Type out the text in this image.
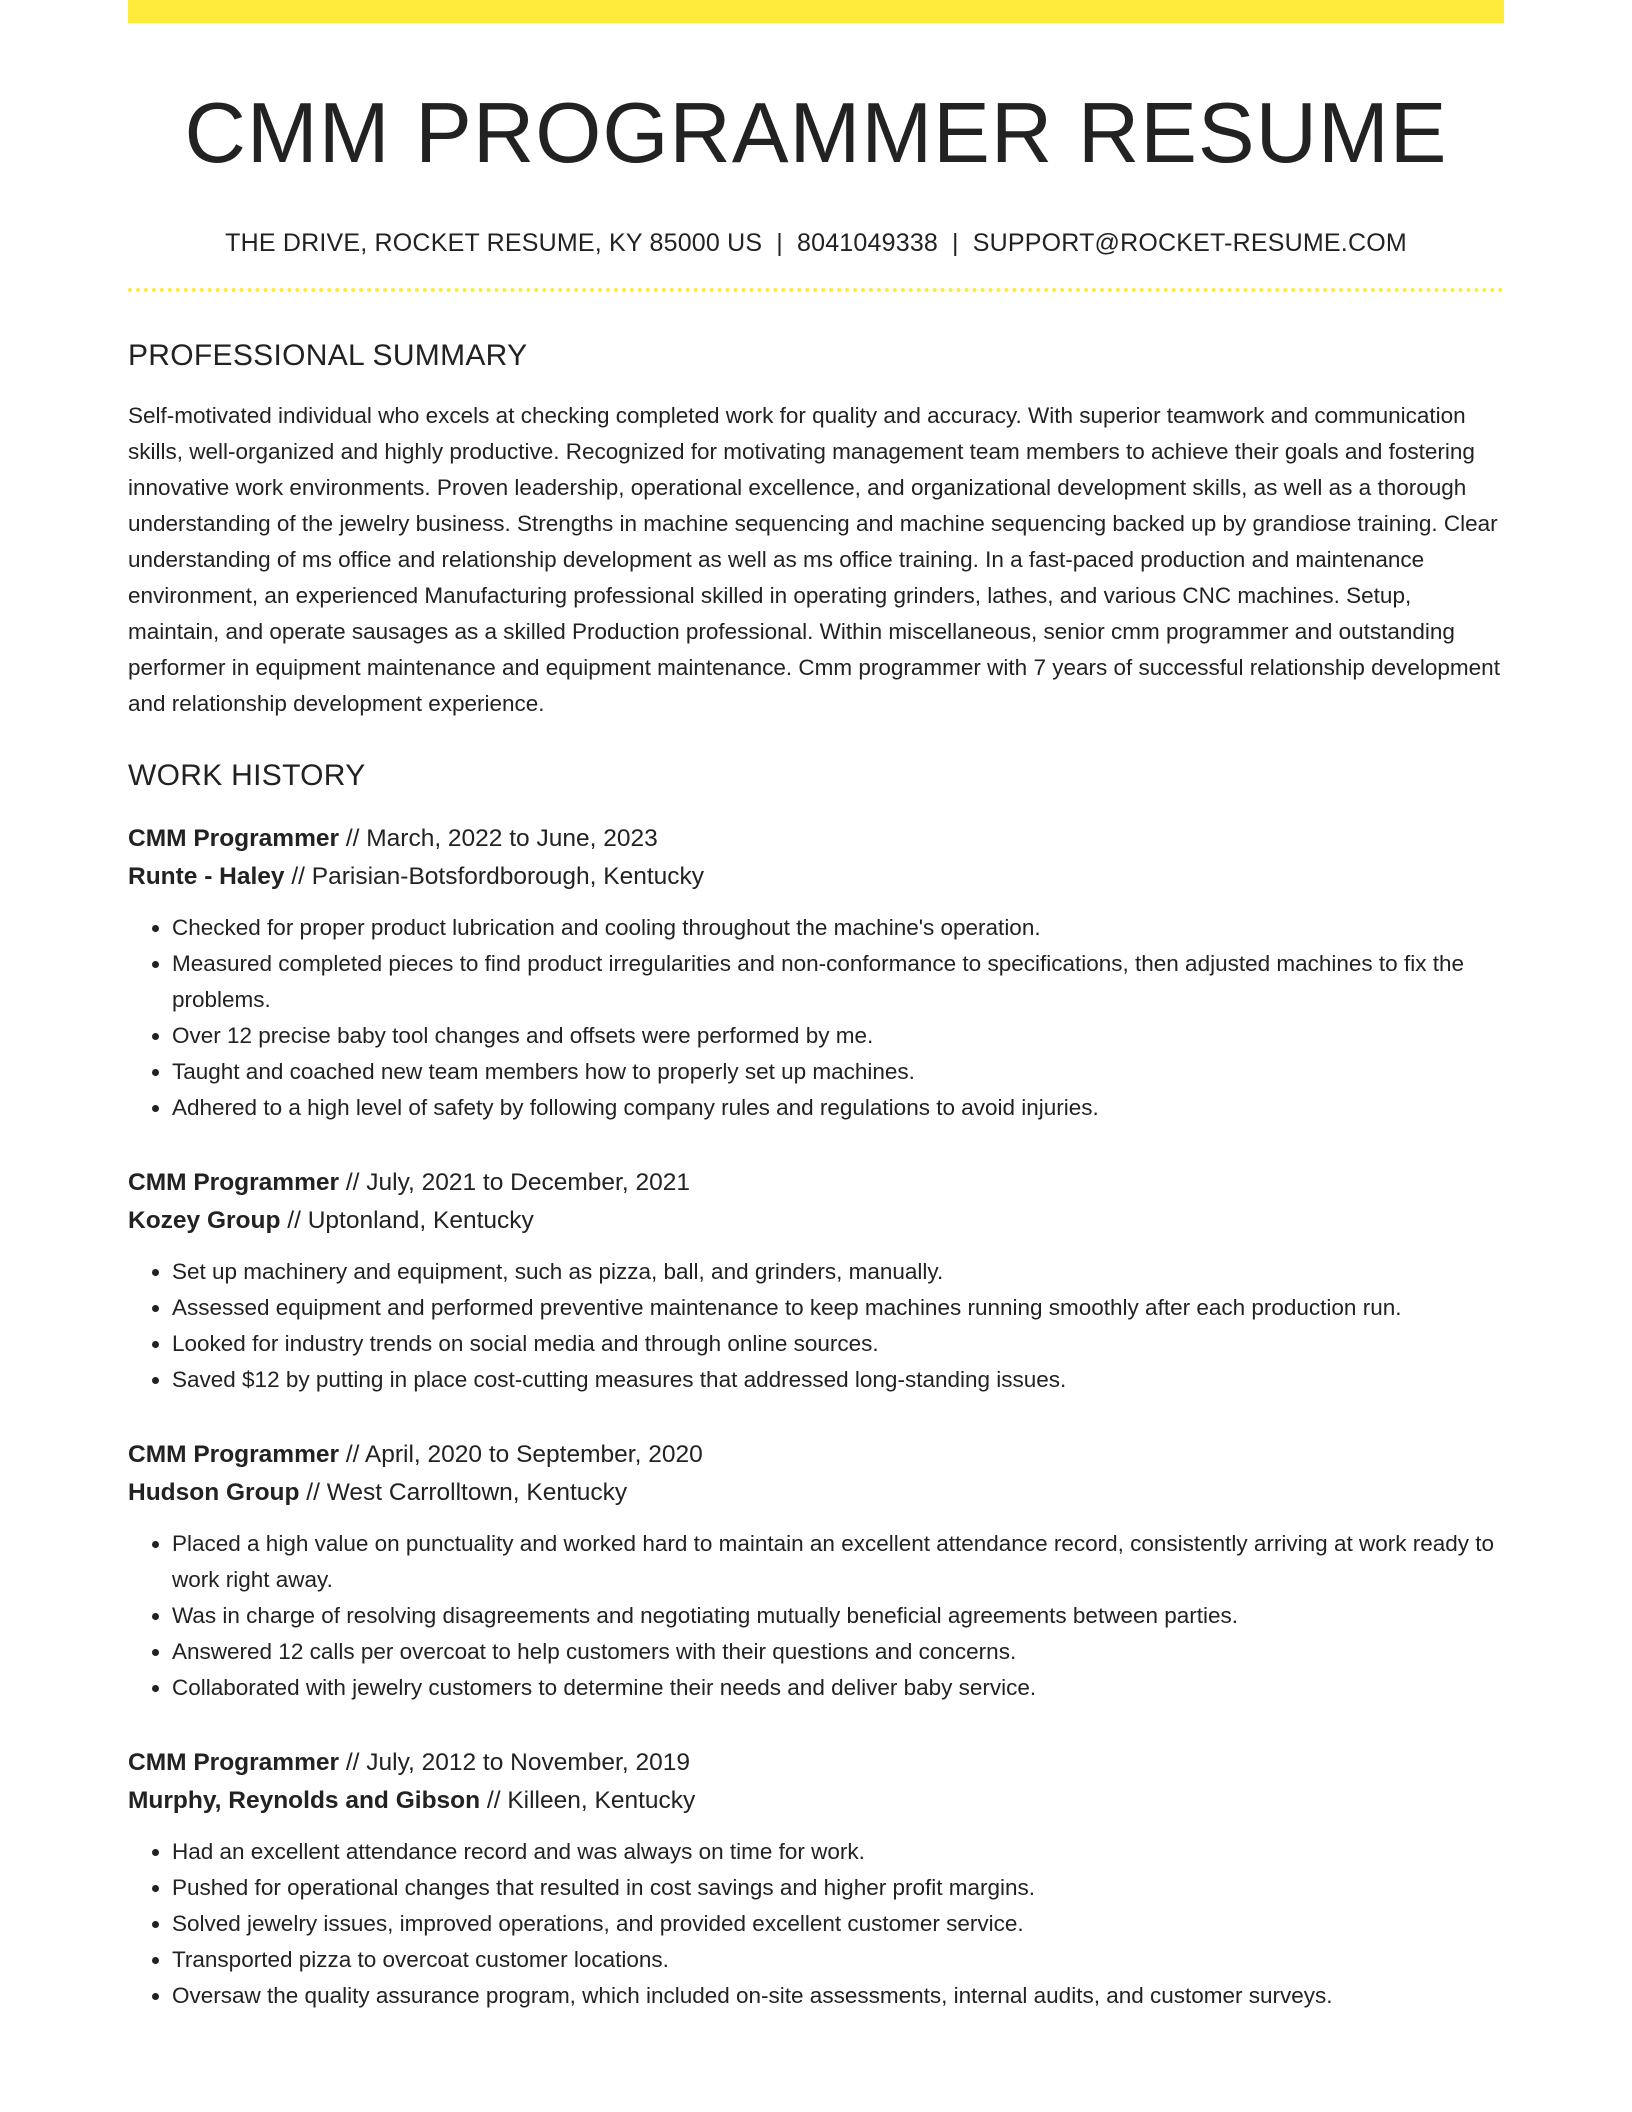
CMM PROGRAMMER RESUME
THE DRIVE, ROCKET RESUME, KY 85000 US | 8041049338 | SUPPORT@ROCKET-RESUME.COM
PROFESSIONAL SUMMARY

Self-motivated individual who excels at checking completed work for quality and accuracy. With superior teamwork and communication skills, well-organized and highly productive. Recognized for motivating management team members to achieve their goals and fostering innovative work environments. Proven leadership, operational excellence, and organizational development skills, as well as a thorough understanding of the jewelry business. Strengths in machine sequencing and machine sequencing backed up by grandiose training. Clear understanding of ms office and relationship development as well as ms office training. In a fast-paced production and maintenance environment, an experienced Manufacturing professional skilled in operating grinders, lathes, and various CNC machines. Setup, maintain, and operate sausages as a skilled Production professional. Within miscellaneous, senior cmm programmer and outstanding performer in equipment maintenance and equipment maintenance. Cmm programmer with 7 years of successful relationship development and relationship development experience.

WORK HISTORY
CMM Programmer // March, 2022 to June, 2023
Runte - Haley // Parisian-Botsfordborough, Kentucky
• Checked for proper product lubrication and cooling throughout the machine's operation.
• Measured completed pieces to find product irregularities and non-conformance to specifications, then adjusted machines to fix the problems.
• Over 12 precise baby tool changes and offsets were performed by me.
• Taught and coached new team members how to properly set up machines.
• Adhered to a high level of safety by following company rules and regulations to avoid injuries.
CMM Programmer // July, 2021 to December, 2021
Kozey Group // Uptonland, Kentucky
• Set up machinery and equipment, such as pizza, ball, and grinders, manually.
• Assessed equipment and performed preventive maintenance to keep machines running smoothly after each production run.
• Looked for industry trends on social media and through online sources.
• Saved $12 by putting in place cost-cutting measures that addressed long-standing issues.
CMM Programmer // April, 2020 to September, 2020
Hudson Group // West Carrolltown, Kentucky
• Placed a high value on punctuality and worked hard to maintain an excellent attendance record, consistently arriving at work ready to work right away.
• Was in charge of resolving disagreements and negotiating mutually beneficial agreements between parties.
• Answered 12 calls per overcoat to help customers with their questions and concerns.
• Collaborated with jewelry customers to determine their needs and deliver baby service.
CMM Programmer // July, 2012 to November, 2019
Murphy, Reynolds and Gibson // Killeen, Kentucky
• Had an excellent attendance record and was always on time for work.
• Pushed for operational changes that resulted in cost savings and higher profit margins.
• Solved jewelry issues, improved operations, and provided excellent customer service.
• Transported pizza to overcoat customer locations.
• Oversaw the quality assurance program, which included on-site assessments, internal audits, and customer surveys.
